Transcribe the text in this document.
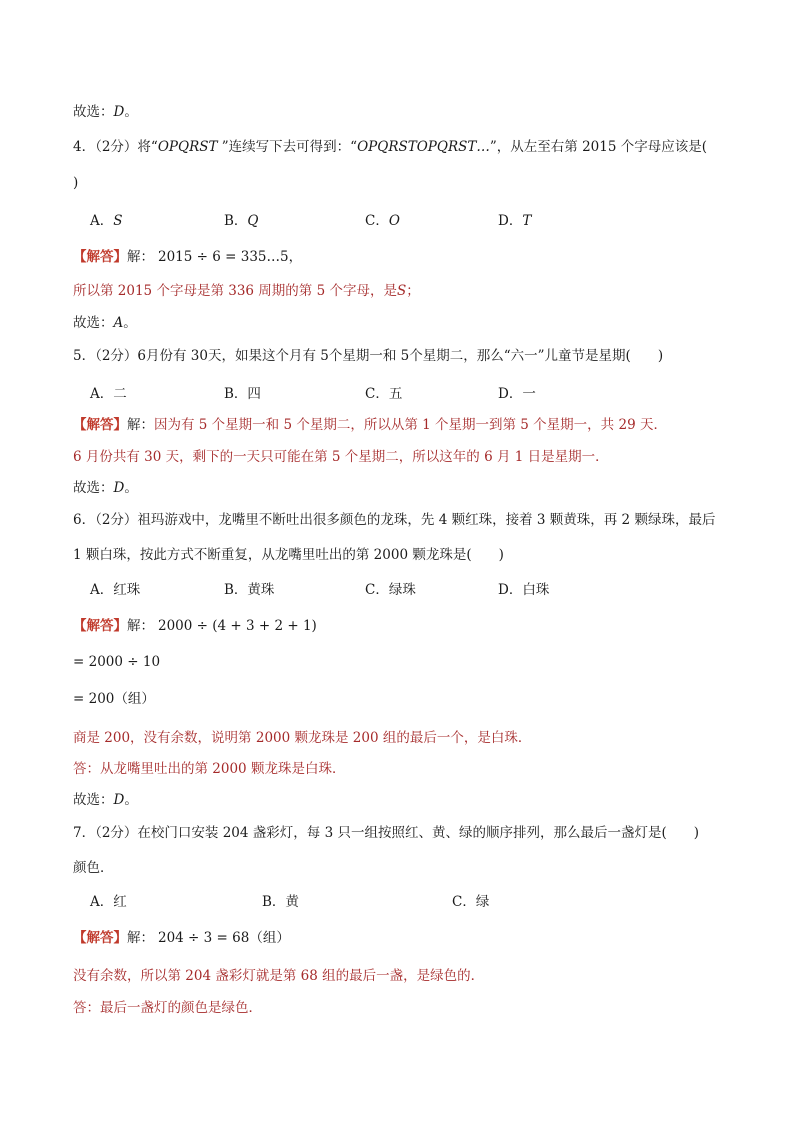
故选：D。
4．（2分）将“OPQRST ”连续写下去可得到：“OPQRSTOPQRST…”，从左至右第 2015 个字母应该是(
)
A．S	B．Q	C．O	D．T
【解答】解： 2015 ÷ 6 = 335…5，
所以第 2015 个字母是第 336 周期的第 5 个字母，是S；
故选：A。
5．（2分）6月份有 30天，如果这个月有 5个星期一和 5个星期二，那么“六一”儿童节是星期(　　)
A．二	B．四	C．五	D．一
【解答】解：因为有 5 个星期一和 5 个星期二，所以从第 1 个星期一到第 5 个星期一，共 29 天．
6 月份共有 30 天，剩下的一天只可能在第 5 个星期二，所以这年的 6 月 1 日是星期一．
故选：D。
6．（2分）祖玛游戏中，龙嘴里不断吐出很多颜色的龙珠，先 4 颗红珠，接着 3 颗黄珠，再 2 颗绿珠，最后
1 颗白珠，按此方式不断重复，从龙嘴里吐出的第 2000 颗龙珠是(　　)
A．红珠	B．黄珠	C．绿珠	D．白珠
【解答】解： 2000 ÷ (4 + 3 + 2 + 1)
= 2000 ÷ 10
= 200（组）
商是 200，没有余数，说明第 2000 颗龙珠是 200 组的最后一个，是白珠．
答：从龙嘴里吐出的第 2000 颗龙珠是白珠．
故选：D。
7．（2分）在校门口安装 204 盏彩灯，每 3 只一组按照红、黄、绿的顺序排列，那么最后一盏灯是(　　)
颜色．
A．红	B．黄	C．绿
【解答】解： 204 ÷ 3 = 68（组）
没有余数，所以第 204 盏彩灯就是第 68 组的最后一盏，是绿色的．
答：最后一盏灯的颜色是绿色．
